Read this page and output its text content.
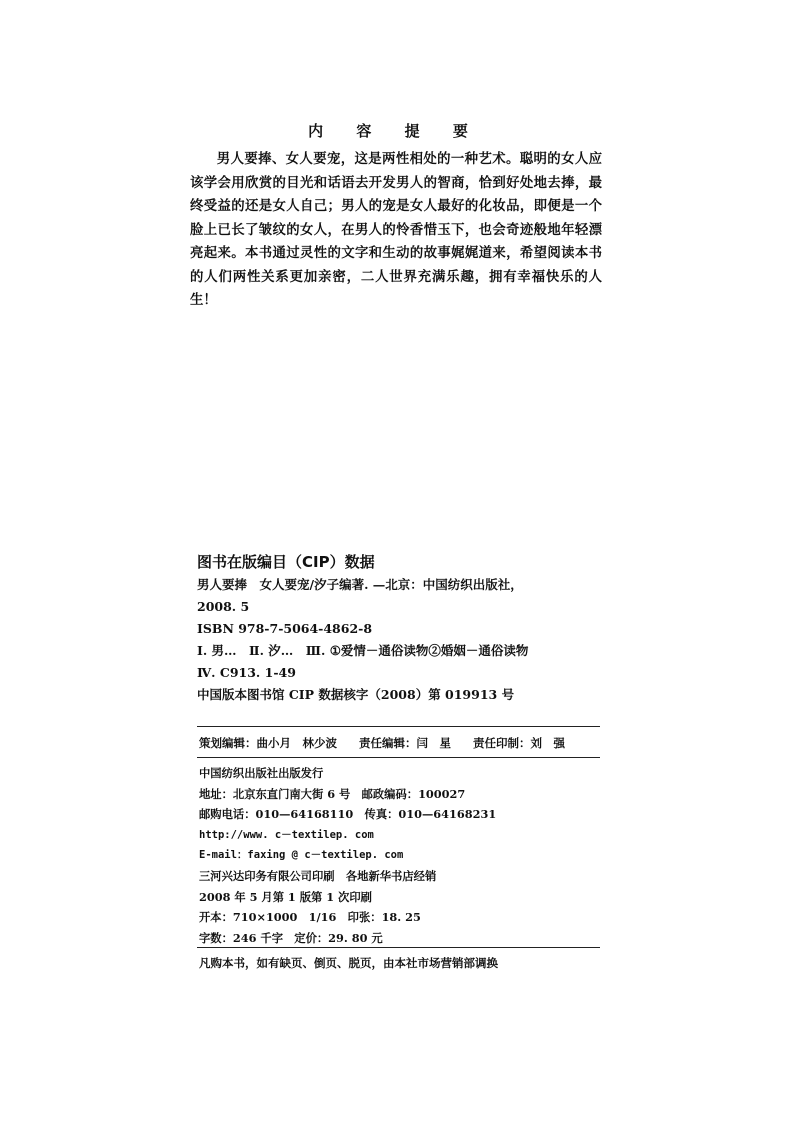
内 容 提 要
男人要捧、女人要宠，这是两性相处的一种艺术。聪明的女人应该学会用欣赏的目光和话语去开发男人的智商，恰到好处地去捧，最终受益的还是女人自己；男人的宠是女人最好的化妆品，即便是一个脸上已长了皱纹的女人，在男人的怜香惜玉下，也会奇迹般地年轻漂亮起来。本书通过灵性的文字和生动的故事娓娓道来，希望阅读本书的人们两性关系更加亲密，二人世界充满乐趣，拥有幸福快乐的人生！
图书在版编目（CIP）数据
男人要捧　女人要宠/汐子编著. —北京：中国纺织出版社，
2008. 5
ISBN 978-7-5064-4862-8
Ⅰ. 男…　Ⅱ. 汐…　Ⅲ. ①爱情－通俗读物②婚姻－通俗读物
Ⅳ. C913. 1-49
中国版本图书馆 CIP 数据核字（2008）第 019913 号
策划编辑：曲小月　林少波 责任编辑：闫　星 责任印制：刘　强
中国纺织出版社出版发行
地址：北京东直门南大街 6 号　邮政编码：100027
邮购电话：010—64168110　传真：010—64168231
http://www. c－textilep. com
E-mail：faxing @ c－textilep. com
三河兴达印务有限公司印刷　各地新华书店经销
2008 年 5 月第 1 版第 1 次印刷
开本：710×1000　1/16　印张：18. 25
字数：246 千字　定价：29. 80 元
凡购本书，如有缺页、倒页、脱页，由本社市场营销部调换
